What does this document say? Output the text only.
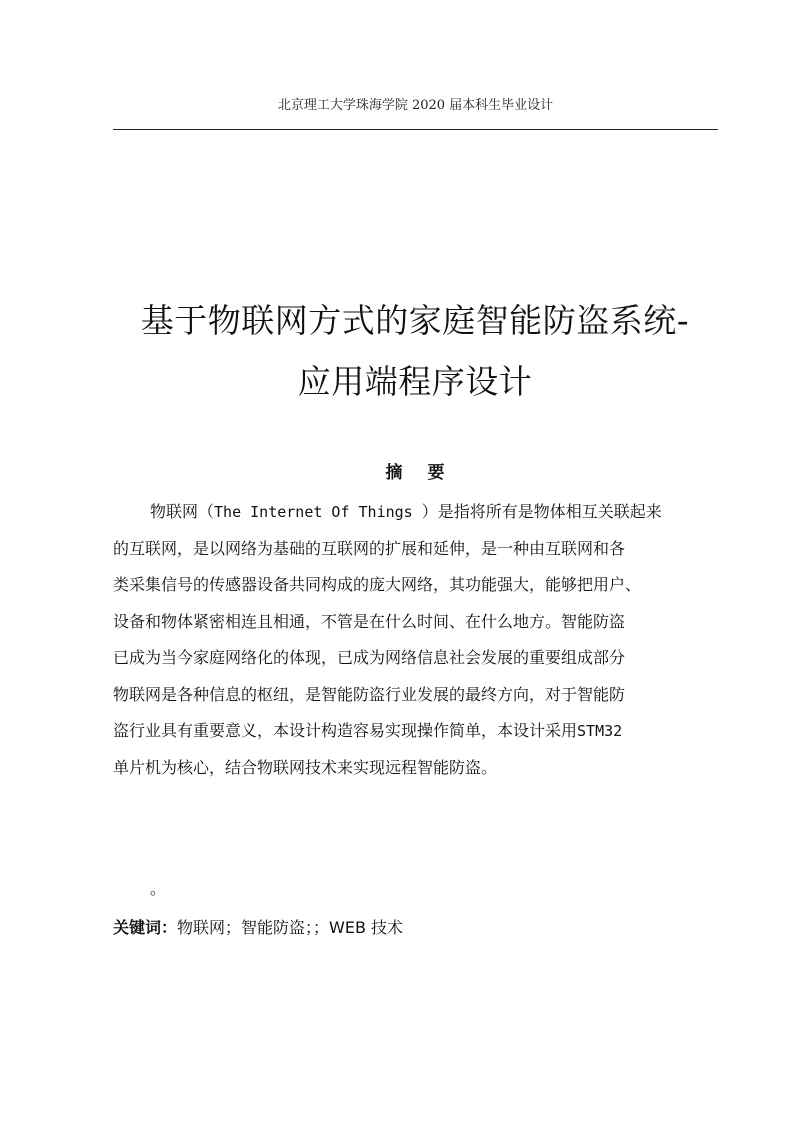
北京理工大学珠海学院 2020 届本科生毕业设计
基于物联网方式的家庭智能防盗系统-
应用端程序设计
摘 要
物联网（The Internet Of Things ）是指将所有是物体相互关联起来
的互联网，是以网络为基础的互联网的扩展和延伸，是一种由互联网和各
类采集信号的传感器设备共同构成的庞大网络，其功能强大，能够把用户、
设备和物体紧密相连且相通，不管是在什么时间、在什么地方。智能防盗
已成为当今家庭网络化的体现，已成为网络信息社会发展的重要组成部分
物联网是各种信息的枢纽，是智能防盗行业发展的最终方向，对于智能防
盗行业具有重要意义，本设计构造容易实现操作简单，本设计采用STM32
单片机为核心，结合物联网技术来实现远程智能防盗。
。
关键词：物联网；智能防盗；；WEB 技术
